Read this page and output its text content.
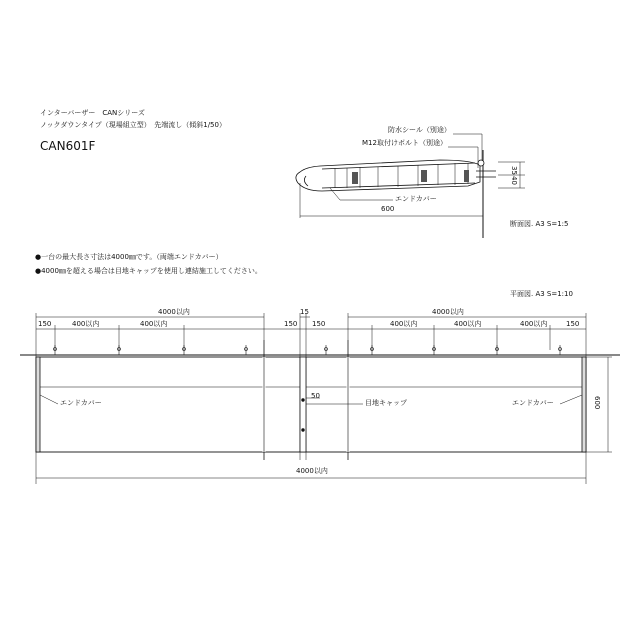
インターバーザー　CANシリーズ
ノックダウンタイプ（現場組立型）　先端流し（傾斜1/50）
CAN601F
防水シール（別途）
M12取付けボルト（別途）
エンドカバー
600
断面図. A3 S=1:5
35
40
●一台の最大長さ寸法は4000㎜です。（両端エンドカバー）
●4000㎜を超える場合は目地キャップを使用し連結施工してください。
平面図. A3 S=1:10
4000以内	15	4000以内
150	400以内	400以内	150 150	400以内	400以内	400以内	150
エンドカバー
50
目地キャップ	エンドカバー	600
4000以内
